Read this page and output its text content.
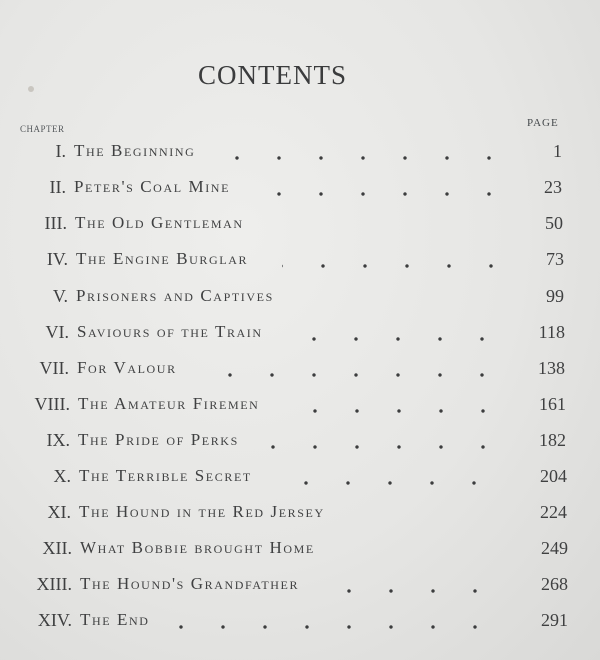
CONTENTS
CHAPTER	PAGE
I. The Beginning	1
II. Peter's Coal Mine	23
III. The Old Gentleman	50
IV. The Engine Burglar	73
V. Prisoners and Captives	99
VI. Saviours of the Train	118
VII. For Valour	138
VIII. The Amateur Firemen	161
IX. The Pride of Perks	182
X. The Terrible Secret	204
XI. The Hound in the Red Jersey	224
XII. What Bobbie brought Home	249
XIII. The Hound's Grandfather	268
XIV. The End	291
